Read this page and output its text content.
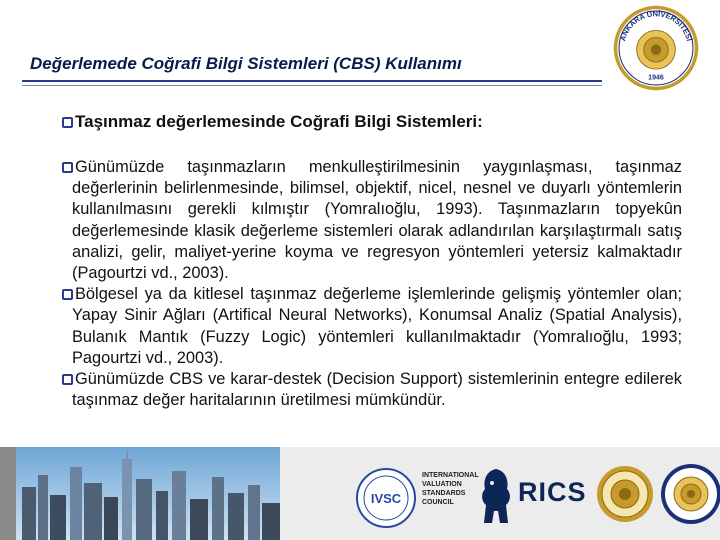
Değerlemede Coğrafi Bilgi Sistemleri (CBS) Kullanımı
ANKARA ÜNİVERSİTESİ
1946
Taşınmaz değerlemesinde Coğrafi Bilgi Sistemleri:

Günümüzde taşınmazların menkulleştirilmesinin yaygınlaşması, taşınmaz değerlerinin belirlenmesinde, bilimsel, objektif, nicel, nesnel ve duyarlı yöntemlerin kullanılmasını gerekli kılmıştır (Yomralıoğlu, 1993). Taşınmazların topyekûn değerlemesinde klasik değerleme sistemleri olarak adlandırılan karşılaştırmalı satış analizi, gelir, maliyet-yerine koyma ve regresyon yöntemleri yetersiz kalmaktadır (Pagourtzi vd., 2003).

Bölgesel ya da kitlesel taşınmaz değerleme işlemlerinde gelişmiş yöntemler olan; Yapay Sinir Ağları (Artifical Neural Networks), Konumsal Analiz (Spatial Analysis), Bulanık Mantık (Fuzzy Logic) yöntemleri kullanılmaktadır (Yomralıoğlu, 1993; Pagourtzi vd., 2003).

Günümüzde CBS ve karar-destek (Decision Support) sistemlerinin entegre edilerek taşınmaz değer haritalarının üretilmesi mümkündür.

IVSC
INTERNATIONAL
VALUATION
STANDARDS
COUNCIL	RICS
